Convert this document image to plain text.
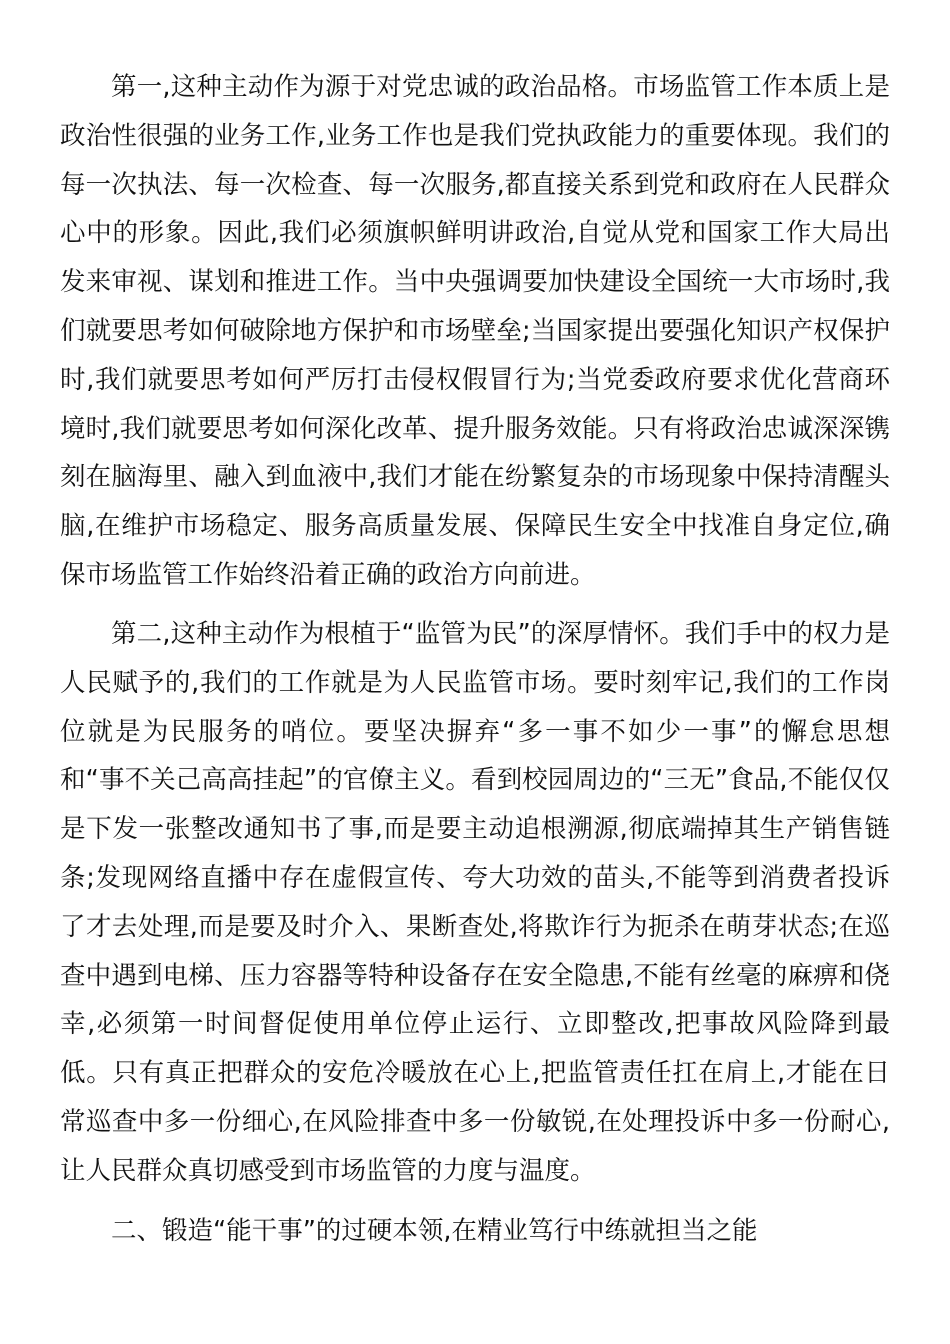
第一,这种主动作为源于对党忠诚的政治品格。市场监管工作本质上是政治性很强的业务工作,业务工作也是我们党执政能力的重要体现。我们的每一次执法、每一次检查、每一次服务,都直接关系到党和政府在人民群众心中的形象。因此,我们必须旗帜鲜明讲政治,自觉从党和国家工作大局出发来审视、谋划和推进工作。当中央强调要加快建设全国统一大市场时,我们就要思考如何破除地方保护和市场壁垒;当国家提出要强化知识产权保护时,我们就要思考如何严厉打击侵权假冒行为;当党委政府要求优化营商环境时,我们就要思考如何深化改革、提升服务效能。只有将政治忠诚深深镌刻在脑海里、融入到血液中,我们才能在纷繁复杂的市场现象中保持清醒头脑,在维护市场稳定、服务高质量发展、保障民生安全中找准自身定位,确保市场监管工作始终沿着正确的政治方向前进。

第二,这种主动作为根植于“监管为民”的深厚情怀。我们手中的权力是人民赋予的,我们的工作就是为人民监管市场。要时刻牢记,我们的工作岗位就是为民服务的哨位。要坚决摒弃“多一事不如少一事”的懈怠思想和“事不关己高高挂起”的官僚主义。看到校园周边的“三无”食品,不能仅仅是下发一张整改通知书了事,而是要主动追根溯源,彻底端掉其生产销售链条;发现网络直播中存在虚假宣传、夸大功效的苗头,不能等到消费者投诉了才去处理,而是要及时介入、果断查处,将欺诈行为扼杀在萌芽状态;在巡查中遇到电梯、压力容器等特种设备存在安全隐患,不能有丝毫的麻痹和侥幸,必须第一时间督促使用单位停止运行、立即整改,把事故风险降到最低。只有真正把群众的安危冷暖放在心上,把监管责任扛在肩上,才能在日常巡查中多一份细心,在风险排查中多一份敏锐,在处理投诉中多一份耐心,让人民群众真切感受到市场监管的力度与温度。

二、锻造“能干事”的过硬本领,在精业笃行中练就担当之能
